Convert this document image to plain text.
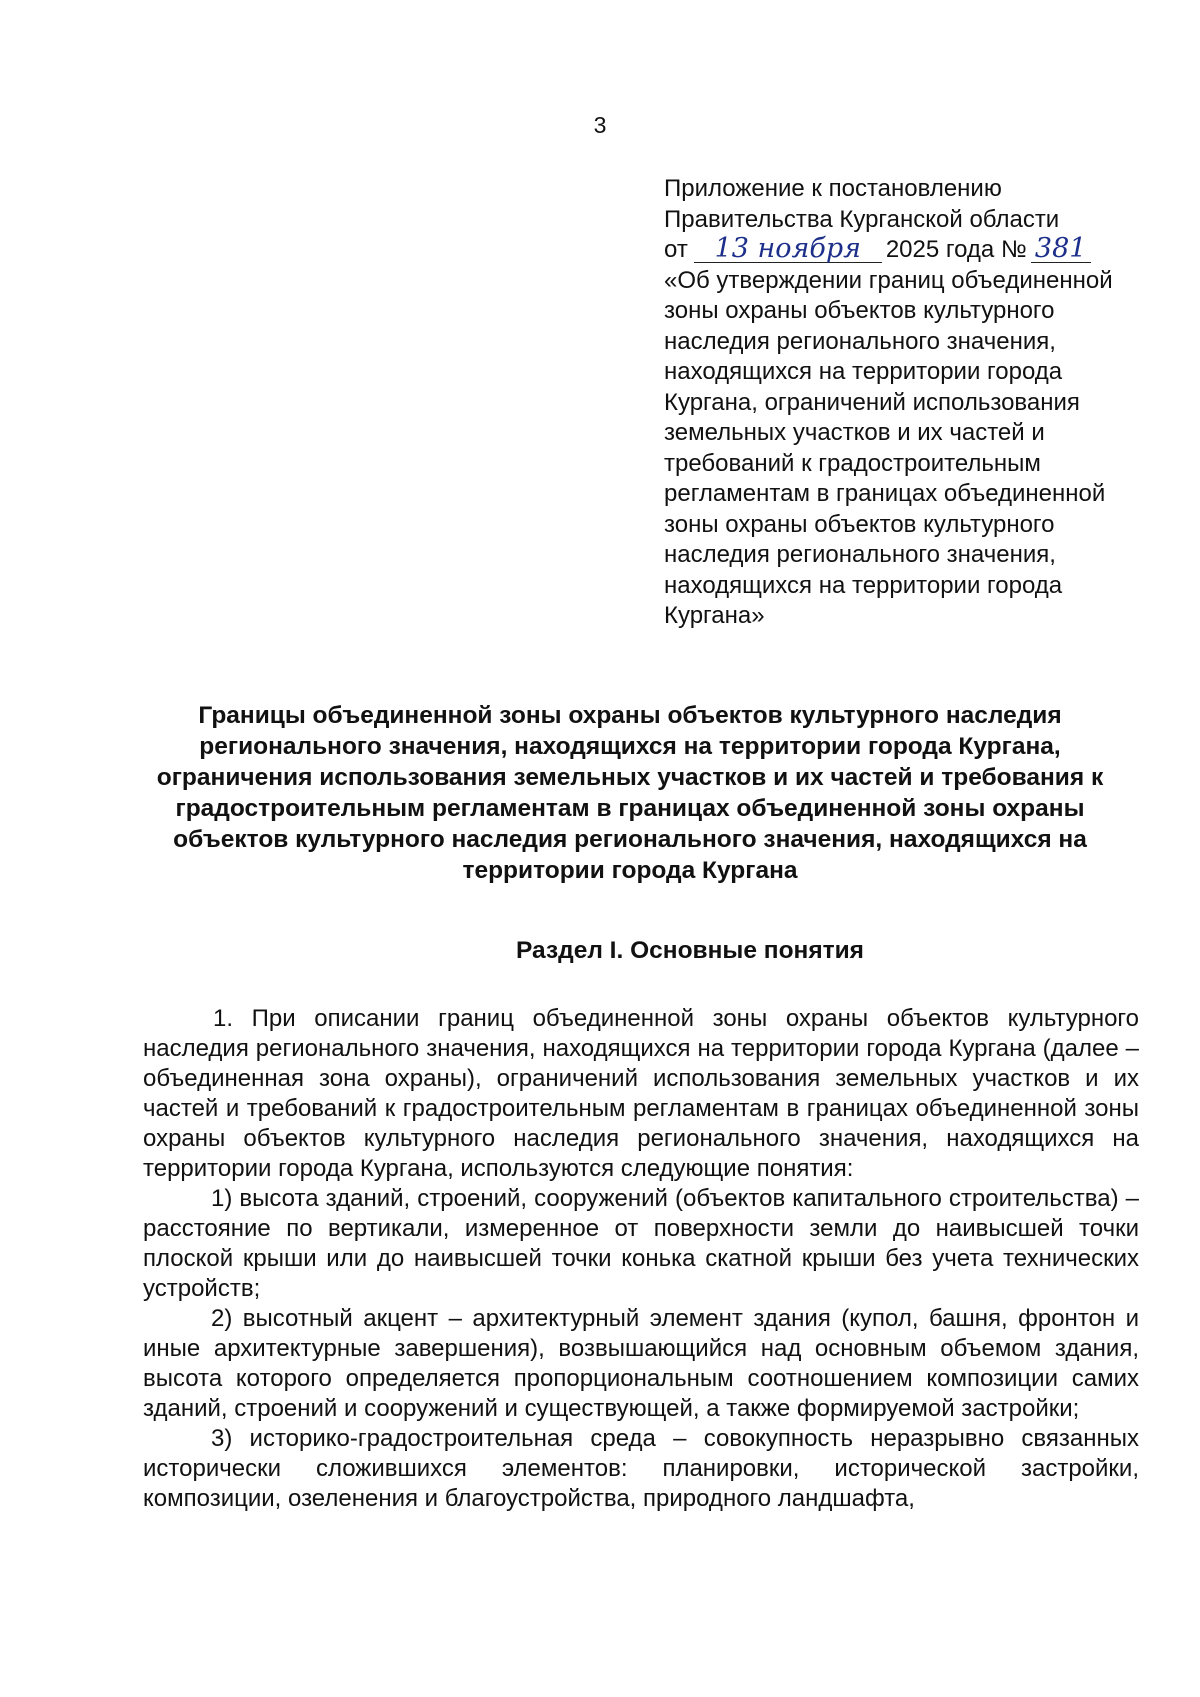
3
Приложение к постановлению
Правительства Курганской области
от 13 ноября 2025 года № 381
«Об утверждении границ объединенной
зоны охраны объектов культурного
наследия регионального значения,
находящихся на территории города
Кургана, ограничений использования
земельных участков и их частей и
требований к градостроительным
регламентам в границах объединенной
зоны охраны объектов культурного
наследия регионального значения,
находящихся на территории города
Кургана»
Границы объединенной зоны охраны объектов культурного наследия регионального значения, находящихся на территории города Кургана, ограничения использования земельных участков и их частей и требования к градостроительным регламентам в границах объединенной зоны охраны объектов культурного наследия регионального значения, находящихся на территории города Кургана
Раздел I. Основные понятия

1. При описании границ объединенной зоны охраны объектов культурного наследия регионального значения, находящихся на территории города Кургана (далее – объединенная зона охраны), ограничений использования земельных участков и их частей и требований к градостроительным регламентам в границах объединенной зоны охраны объектов культурного наследия регионального значения, находящихся на территории города Кургана, используются следующие понятия:

1) высота зданий, строений, сооружений (объектов капитального строительства) – расстояние по вертикали, измеренное от поверхности земли до наивысшей точки плоской крыши или до наивысшей точки конька скатной крыши без учета технических устройств;

2) высотный акцент – архитектурный элемент здания (купол, башня, фронтон и иные архитектурные завершения), возвышающийся над основным объемом здания, высота которого определяется пропорциональным соотношением композиции самих зданий, строений и сооружений и существующей, а также формируемой застройки;

3) историко-градостроительная среда – совокупность неразрывно связанных исторически сложившихся элементов: планировки, исторической застройки, композиции, озеленения и благоустройства, природного ландшафта,
